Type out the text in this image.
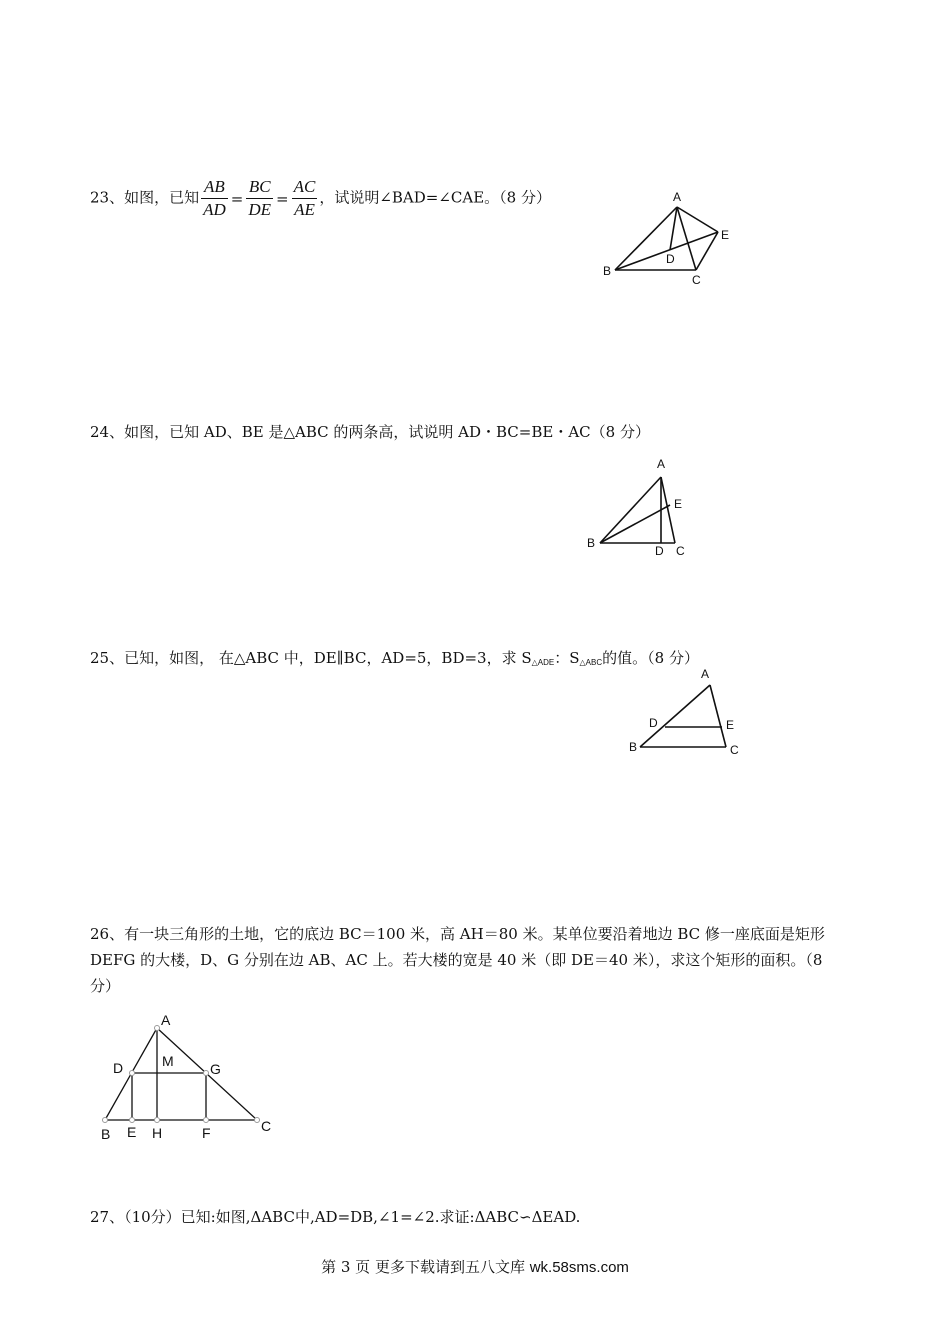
23、如图，已知 $\frac{AB}{AD} = \frac{BC}{DE} = \frac{AC}{AE}$ ，试说明∠BAD=∠CAE。（8 分）	A
B
C
D
E
24、如图，已知 AD、BE 是△ABC 的两条高，试说明 AD・BC=BE・AC（8 分）
A
B
C
D
E
25、已知，如图， 在△ABC 中，DE∥BC，AD=5，BD=3，求 $S_{\triangle ADE}$：$S_{\triangle ABC}$的值。（8 分）
A
B	C
D	E
26、有一块三角形的土地，它的底边 BC＝100 米，高 AH＝80 米。某单位要沿着地边 BC 修一座底面是矩形
DEFG 的大楼，D、G 分别在边 AB、AC 上。若大楼的宽是 40 米（即 DE＝40 米），求这个矩形的面积。（8
分）
A
B	C
D
E	F
G
H
M
27、（10分）已知:如图,ΔABC中,AD=DB,∠1=∠2.求证:ΔABC∽ΔEAD.
第 3 页 更多下载请到五八文库 wk.58sms.com
